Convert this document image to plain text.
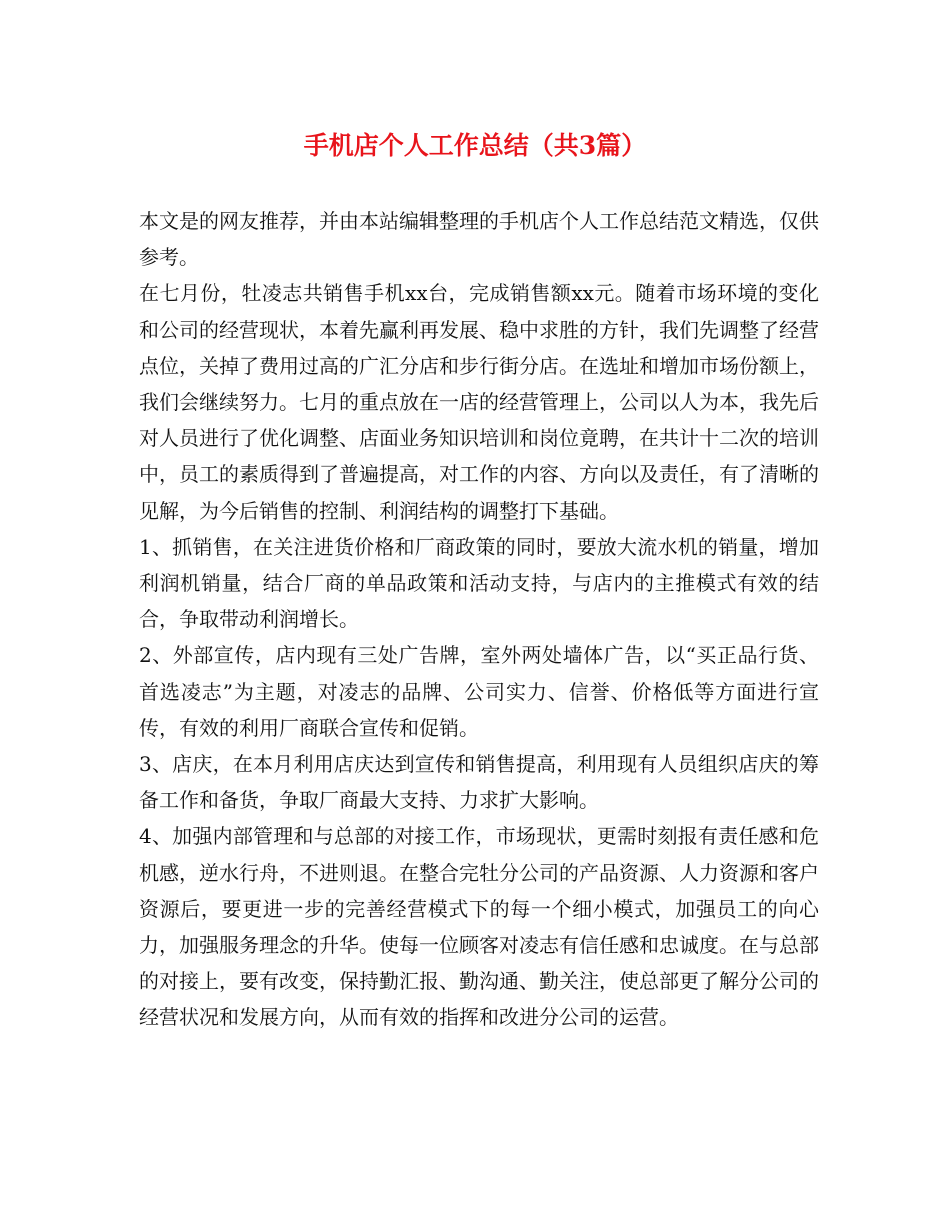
手机店个人工作总结（共3篇）

本文是的网友推荐，并由本站编辑整理的手机店个人工作总结范文精选，仅供参考。

在七月份，牡凌志共销售手机xx台，完成销售额xx元。随着市场环境的变化和公司的经营现状，本着先赢利再发展、稳中求胜的方针，我们先调整了经营点位，关掉了费用过高的广汇分店和步行街分店。在选址和增加市场份额上，我们会继续努力。七月的重点放在一店的经营管理上，公司以人为本，我先后对人员进行了优化调整、店面业务知识培训和岗位竟聘，在共计十二次的培训中，员工的素质得到了普遍提高，对工作的内容、方向以及责任，有了清晰的见解，为今后销售的控制、利润结构的调整打下基础。

1、抓销售，在关注进货价格和厂商政策的同时，要放大流水机的销量，增加利润机销量，结合厂商的单品政策和活动支持，与店内的主推模式有效的结合，争取带动利润增长。

2、外部宣传，店内现有三处广告牌，室外两处墙体广告，以“买正品行货、首选凌志”为主题，对凌志的品牌、公司实力、信誉、价格低等方面进行宣传，有效的利用厂商联合宣传和促销。

3、店庆，在本月利用店庆达到宣传和销售提高，利用现有人员组织店庆的筹备工作和备货，争取厂商最大支持、力求扩大影响。

4、加强内部管理和与总部的对接工作，市场现状，更需时刻报有责任感和危机感，逆水行舟，不进则退。在整合完牡分公司的产品资源、人力资源和客户资源后，要更进一步的完善经营模式下的每一个细小模式，加强员工的向心力，加强服务理念的升华。使每一位顾客对凌志有信任感和忠诚度。在与总部的对接上，要有改变，保持勤汇报、勤沟通、勤关注，使总部更了解分公司的经营状况和发展方向，从而有效的指挥和改进分公司的运营。
